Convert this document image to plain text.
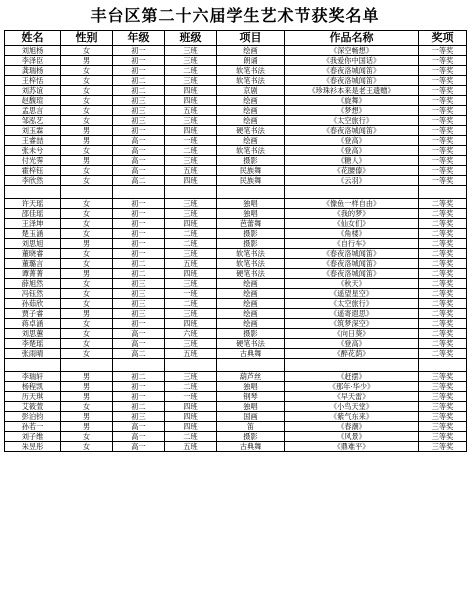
丰台区第二十六届学生艺术节获奖名单
姓名	性别	年级	班级	项目	作品名称	奖项
刘旭杨	女	初一	三班	绘画	《深空畅想》	一等奖
李泽臣	男	初一	三班	朗诵	《我爱你中国话》	一等奖
龚瑞杨	女	初一	二班	软笔书法	《春夜洛城闻笛》	一等奖
王梓恬	女	初二	三班	软笔书法	《春夜洛城闻笛》	一等奖
刘苏谊	女	初二	四班	京剧	《珍珠衫本来是老王遗赠》	一等奖
赵馥瑄	女	初三	四班	绘画	《旋舞》	一等奖
孟思言	女	初三	五班	绘画	《梦想》	一等奖
邹泓艺	女	初三	三班	绘画	《太空旅行》	一等奖
刘玉霖	男	初一	四班	硬笔书法	《春夜洛城闻笛》	一等奖
王睿喆	男	高一	一班	绘画	《登高》	一等奖
张未兮	女	高一	二班	软笔书法	《登高》	一等奖
付光霁	男	高一	三班	摄影	《糖人》	一等奖
霍梓钰	女	高一	五班	民族舞	《花腰傣》	一等奖
李欣然	女	高二	四班	民族舞	《云羽》	一等奖

许天瑶	女	初一	三班	独唱	《像鱼一样自由》	二等奖
邵佳瑶	女	初一	三班	独唱	《我的梦》	二等奖
王泽坤	女	初一	四班	芭蕾舞	《仙女们》	二等奖
楚玉涵	女	初一	二班	摄影	《角楼》	二等奖
刘思旭	男	初一	二班	摄影	《自行车》	二等奖
董晓睿	女	初一	三班	软笔书法	《春夜洛城闻笛》	二等奖
董璐言	女	初二	五班	软笔书法	《春夜洛城闻笛》	二等奖
谭菁菁	男	初二	四班	硬笔书法	《春夜洛城闻笛》	二等奖
薛旭然	女	初三	三班	绘画	《秋天》	二等奖
冯钰然	女	初三	一班	绘画	《遥望星空》	二等奖
孙茹欣	女	初三	二班	绘画	《太空旅行》	二等奖
贾子睿	男	初三	三班	绘画	《遥寄遐思》	二等奖
蒋卓涵	女	初一	四班	绘画	《筑梦深空》	二等奖
刘思蕙	女	高一	六班	摄影	《向日葵》	二等奖
李楚瑶	女	高一	三班	硬笔书法	《登高》	二等奖
张雨晴	女	高二	五班	古典舞	《醉花荫》	二等奖

李瑞轩	男	初二	三班	葫芦丝	《赶摆》	三等奖
杨程凯	男	初一	二班	独唱	《那年·华少》	三等奖
历天琪	男	初一	一班	钢琴	《早天雷》	三等奖
艾筱萱	女	初二	四班	独唱	《小鸟天堂》	三等奖
彭泊钧	男	初三	四班	国画	《紫气东来》	三等奖
孙若一	男	高一	四班	笛	《春潮》	三等奖
刘子维	女	高一	二班	摄影	《风景》	三等奖
朱昱彤	女	高一	五班	古典舞	《鼎难平》	三等奖
